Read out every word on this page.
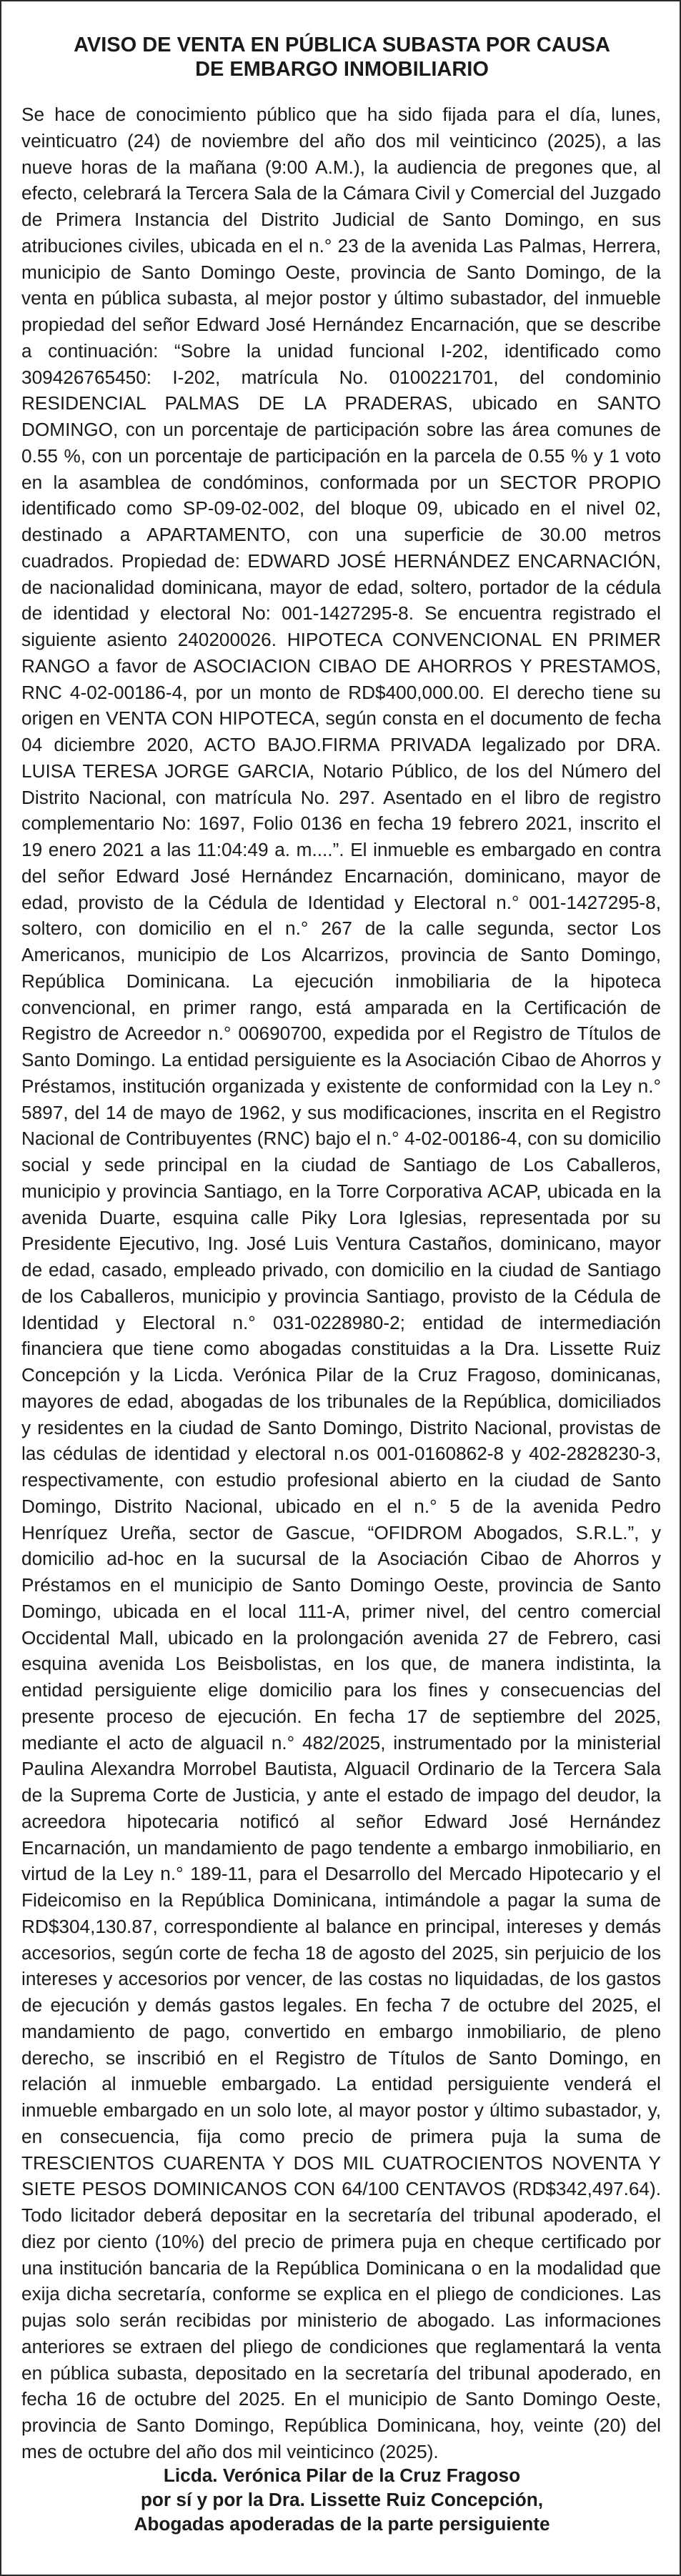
AVISO DE VENTA EN PÚBLICA SUBASTA POR CAUSA
DE EMBARGO INMOBILIARIO

Se hace de conocimiento público que ha sido fijada para el día, lunes, veinticuatro (24) de noviembre del año dos mil veinticinco (2025), a las nueve horas de la mañana (9:00 A.M.), la audiencia de pregones que, al efecto, celebrará la Tercera Sala de la Cámara Civil y Comercial del Juzgado de Primera Instancia del Distrito Judicial de Santo Domingo, en sus atribuciones civiles, ubicada en el n.° 23 de la avenida Las Palmas, Herrera, municipio de Santo Domingo Oeste, provincia de Santo Domingo, de la venta en pública subasta, al mejor postor y último subastador, del inmueble propiedad del señor Edward José Hernández Encarnación, que se describe a continuación: “Sobre la unidad funcional I-202, identificado como 309426765450: I-202, matrícula No. 0100221701, del condominio RESIDENCIAL PALMAS DE LA PRADERAS, ubicado en SANTO DOMINGO, con un porcentaje de participación sobre las área comunes de 0.55 %, con un porcentaje de participación en la parcela de 0.55 % y 1 voto en la asamblea de condóminos, conformada por un SECTOR PROPIO identificado como SP-09-02-002, del bloque 09, ubicado en el nivel 02, destinado a APARTAMENTO, con una superficie de 30.00 metros cuadrados. Propiedad de: EDWARD JOSÉ HERNÁNDEZ ENCARNACIÓN, de nacionalidad dominicana, mayor de edad, soltero, portador de la cédula de identidad y electoral No: 001-1427295-8. Se encuentra registrado el siguiente asiento 240200026. HIPOTECA CONVENCIONAL EN PRIMER RANGO a favor de ASOCIACION CIBAO DE AHORROS Y PRESTAMOS, RNC 4-02-00186-4, por un monto de RD$400,000.00. El derecho tiene su origen en VENTA CON HIPOTECA, según consta en el documento de fecha 04 diciembre 2020, ACTO BAJO.FIRMA PRIVADA legalizado por DRA. LUISA TERESA JORGE GARCIA, Notario Público, de los del Número del Distrito Nacional, con matrícula No. 297. Asentado en el libro de registro complementario No: 1697, Folio 0136 en fecha 19 febrero 2021, inscrito el 19 enero 2021 a las 11:04:49 a. m....”. El inmueble es embargado en contra del señor Edward José Hernández Encarnación, dominicano, mayor de edad, provisto de la Cédula de Identidad y Electoral n.° 001-1427295-8, soltero, con domicilio en el n.° 267 de la calle segunda, sector Los Americanos, municipio de Los Alcarrizos, provincia de Santo Domingo, República Dominicana. La ejecución inmobiliaria de la hipoteca convencional, en primer rango, está amparada en la Certificación de Registro de Acreedor n.° 00690700, expedida por el Registro de Títulos de Santo Domingo. La entidad persiguiente es la Asociación Cibao de Ahorros y Préstamos, institución organizada y existente de conformidad con la Ley n.° 5897, del 14 de mayo de 1962, y sus modificaciones, inscrita en el Registro Nacional de Contribuyentes (RNC) bajo el n.° 4-02-00186-4, con su domicilio social y sede principal en la ciudad de Santiago de Los Caballeros, municipio y provincia Santiago, en la Torre Corporativa ACAP, ubicada en la avenida Duarte, esquina calle Piky Lora Iglesias, representada por su Presidente Ejecutivo, Ing. José Luis Ventura Castaños, dominicano, mayor de edad, casado, empleado privado, con domicilio en la ciudad de Santiago de los Caballeros, municipio y provincia Santiago, provisto de la Cédula de Identidad y Electoral n.° 031-0228980-2; entidad de intermediación financiera que tiene como abogadas constituidas a la Dra. Lissette Ruiz Concepción y la Licda. Verónica Pilar de la Cruz Fragoso, dominicanas, mayores de edad, abogadas de los tribunales de la República, domiciliados y residentes en la ciudad de Santo Domingo, Distrito Nacional, provistas de las cédulas de identidad y electoral n.os 001-0160862-8 y 402-2828230-3, respectivamente, con estudio profesional abierto en la ciudad de Santo Domingo, Distrito Nacional, ubicado en el n.° 5 de la avenida Pedro Henríquez Ureña, sector de Gascue, “OFIDROM Abogados, S.R.L.”, y domicilio ad-hoc en la sucursal de la Asociación Cibao de Ahorros y Préstamos en el municipio de Santo Domingo Oeste, provincia de Santo Domingo, ubicada en el local 111-A, primer nivel, del centro comercial Occidental Mall, ubicado en la prolongación avenida 27 de Febrero, casi esquina avenida Los Beisbolistas, en los que, de manera indistinta, la entidad persiguiente elige domicilio para los fines y consecuencias del presente proceso de ejecución. En fecha 17 de septiembre del 2025, mediante el acto de alguacil n.° 482/2025, instrumentado por la ministerial Paulina Alexandra Morrobel Bautista, Alguacil Ordinario de la Tercera Sala de la Suprema Corte de Justicia, y ante el estado de impago del deudor, la acreedora hipotecaria notificó al señor Edward José Hernández Encarnación, un mandamiento de pago tendente a embargo inmobiliario, en virtud de la Ley n.° 189-11, para el Desarrollo del Mercado Hipotecario y el Fideicomiso en la República Dominicana, intimándole a pagar la suma de RD$304,130.87, correspondiente al balance en principal, intereses y demás accesorios, según corte de fecha 18 de agosto del 2025, sin perjuicio de los intereses y accesorios por vencer, de las costas no liquidadas, de los gastos de ejecución y demás gastos legales. En fecha 7 de octubre del 2025, el mandamiento de pago, convertido en embargo inmobiliario, de pleno derecho, se inscribió en el Registro de Títulos de Santo Domingo, en relación al inmueble embargado. La entidad persiguiente venderá el inmueble embargado en un solo lote, al mayor postor y último subastador, y, en consecuencia, fija como precio de primera puja la suma de TRESCIENTOS CUARENTA Y DOS MIL CUATROCIENTOS NOVENTA Y SIETE PESOS DOMINICANOS CON 64/100 CENTAVOS (RD$342,497.64). Todo licitador deberá depositar en la secretaría del tribunal apoderado, el diez por ciento (10%) del precio de primera puja en cheque certificado por una institución bancaria de la República Dominicana o en la modalidad que exija dicha secretaría, conforme se explica en el pliego de condiciones. Las pujas solo serán recibidas por ministerio de abogado. Las informaciones anteriores se extraen del pliego de condiciones que reglamentará la venta en pública subasta, depositado en la secretaría del tribunal apoderado, en fecha 16 de octubre del 2025. En el municipio de Santo Domingo Oeste, provincia de Santo Domingo, República Dominicana, hoy, veinte (20) del mes de octubre del año dos mil veinticinco (2025).

Licda. Verónica Pilar de la Cruz Fragoso
por sí y por la Dra. Lissette Ruiz Concepción,
Abogadas apoderadas de la parte persiguiente
